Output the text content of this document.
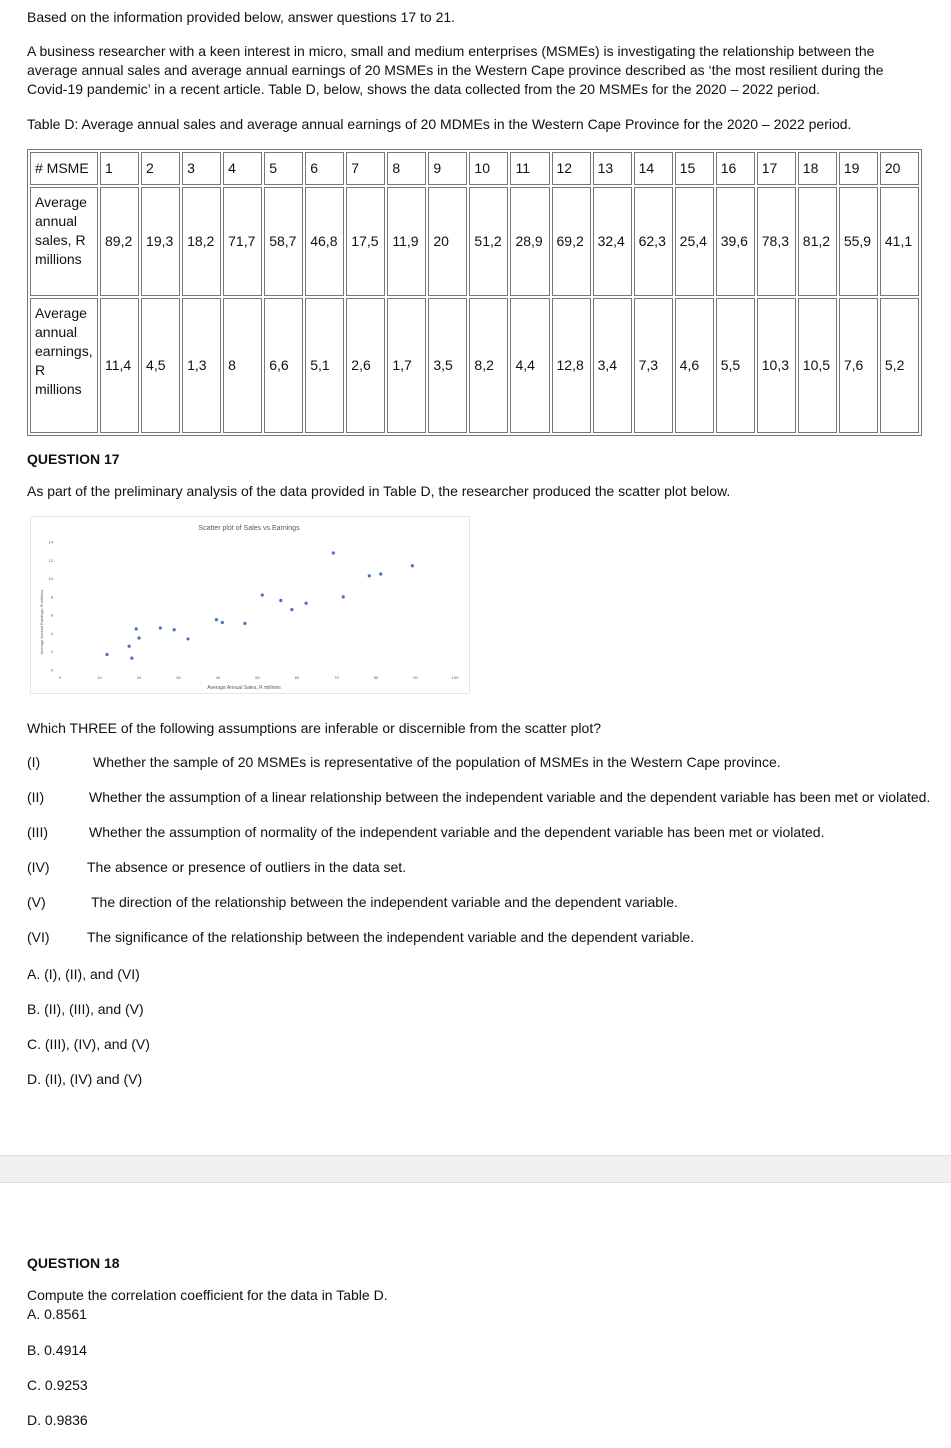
Based on the information provided below, answer questions 17 to 21.

A business researcher with a keen interest in micro, small and medium enterprises (MSMEs) is investigating the relationship between the average annual sales and average annual earnings of 20 MSMEs in the Western Cape province described as ‘the most resilient during the Covid-19 pandemic’ in a recent article. Table D, below, shows the data collected from the 20 MSMEs for the 2020 – 2022 period.

Table D: Average annual sales and average annual earnings of 20 MDMEs in the Western Cape Province for the 2020 – 2022 period.

# MSME	1	2	3	4	5	6	7	8	9	10	11	12	13	14	15	16	17	18	19	20
Average annual sales, R millions	89,2	19,3	18,2	71,7	58,7	46,8	17,5	11,9	20	51,2	28,9	69,2	32,4	62,3	25,4	39,6	78,3	81,2	55,9	41,1
Average annual earnings, R millions	11,4	4,5	1,3	8	6,6	5,1	2,6	1,7	3,5	8,2	4,4	12,8	3,4	7,3	4,6	5,5	10,3	10,5	7,6	5,2

QUESTION 17

As part of the preliminary analysis of the data provided in Table D, the researcher produced the scatter plot below.

Scatter plot of Sales vs Earnings
Average Annual Earnings, R millions
Average Annual Sales, R millions
0
2
4
6
8
10
12
14
0	10	20	30	40	50	60	70	80	90	100

Which THREE of the following assumptions are inferable or discernible from the scatter plot?

(I)	Whether the sample of 20 MSMEs is representative of the population of MSMEs in the Western Cape province.
(II)	Whether the assumption of a linear relationship between the independent variable and the dependent variable has been met or violated.
(III)	Whether the assumption of normality of the independent variable and the dependent variable has been met or violated.
(IV)	The absence or presence of outliers in the data set.
(V)	The direction of the relationship between the independent variable and the dependent variable.
(VI)	The significance of the relationship between the independent variable and the dependent variable.
A. (I), (II), and (VI)
B. (II), (III), and (V)
C. (III), (IV), and (V)
D. (II), (IV) and (V)

QUESTION 18

Compute the correlation coefficient for the data in Table D.

A. 0.8561
B. 0.4914
C. 0.9253
D. 0.9836
